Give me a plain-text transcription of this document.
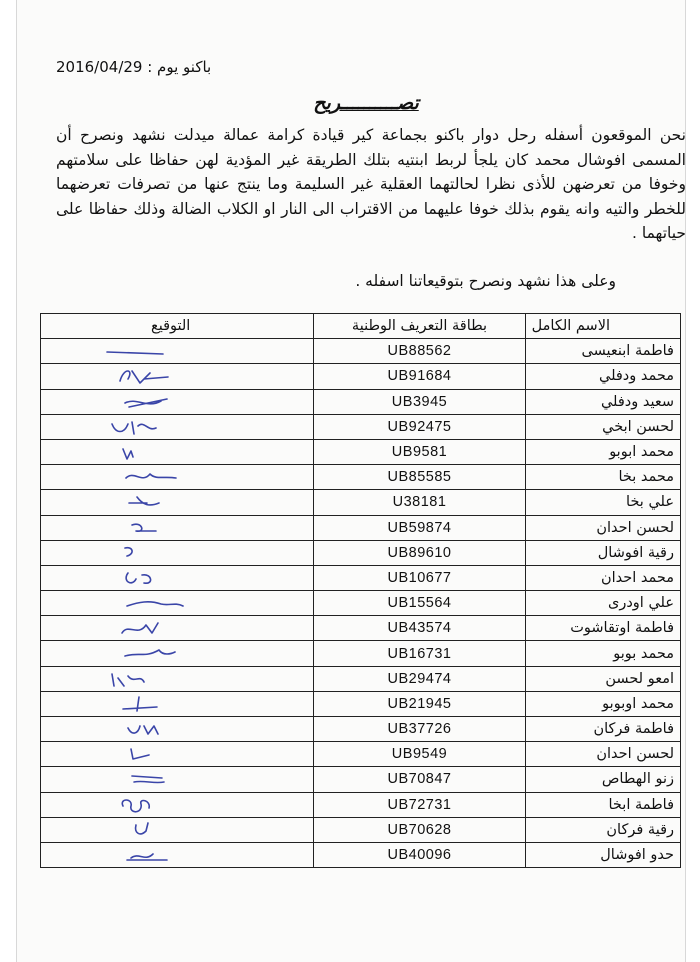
باكنو يوم : 2016/04/29
تصــــــــــريح
نحن الموقعون أسفله رحل دوار باكنو بجماعة كير قيادة كرامة عمالة ميدلت نشهد ونصرح أن المسمى افوشال محمد كان يلجأ لربط ابنتيه بتلك الطريقة غير المؤدية لهن حفاظا على سلامتهم وخوفا من تعرضهن للأذى نظرا لحالتهما العقلية غير السليمة وما ينتج عنها من تصرفات تعرضهما للخطر والتيه وانه يقوم بذلك خوفا عليهما من الاقتراب الى النار او الكلاب الضالة وذلك حفاظا على حياتهما .
وعلى هذا نشهد ونصرح بتوقيعاتنا اسفله .
الاسم الكامل	بطاقة التعريف الوطنية	التوقيع
فاطمة ابنعيسى	UB88562	

محمد ودفلي	UB91684	

سعيد ودفلي	UB3945	

لحسن ابخي	UB92475	

محمد ابوبو	UB9581	

محمد بخا	UB85585	

علي بخا	U38181	

لحسن احدان	UB59874	

رقية افوشال	UB89610	

محمد احدان	UB10677	

علي اودرى	UB15564	

فاطمة اوتقاشوت	UB43574	

محمد بوبو	UB16731	

امعو لحسن	UB29474	

محمد اوبوبو	UB21945	

فاطمة فركان	UB37726	

لحسن احدان	UB9549	

زنو الهطاص	UB70847	

فاطمة ابخا	UB72731	

رقية فركان	UB70628	

حدو افوشال	UB40096	
